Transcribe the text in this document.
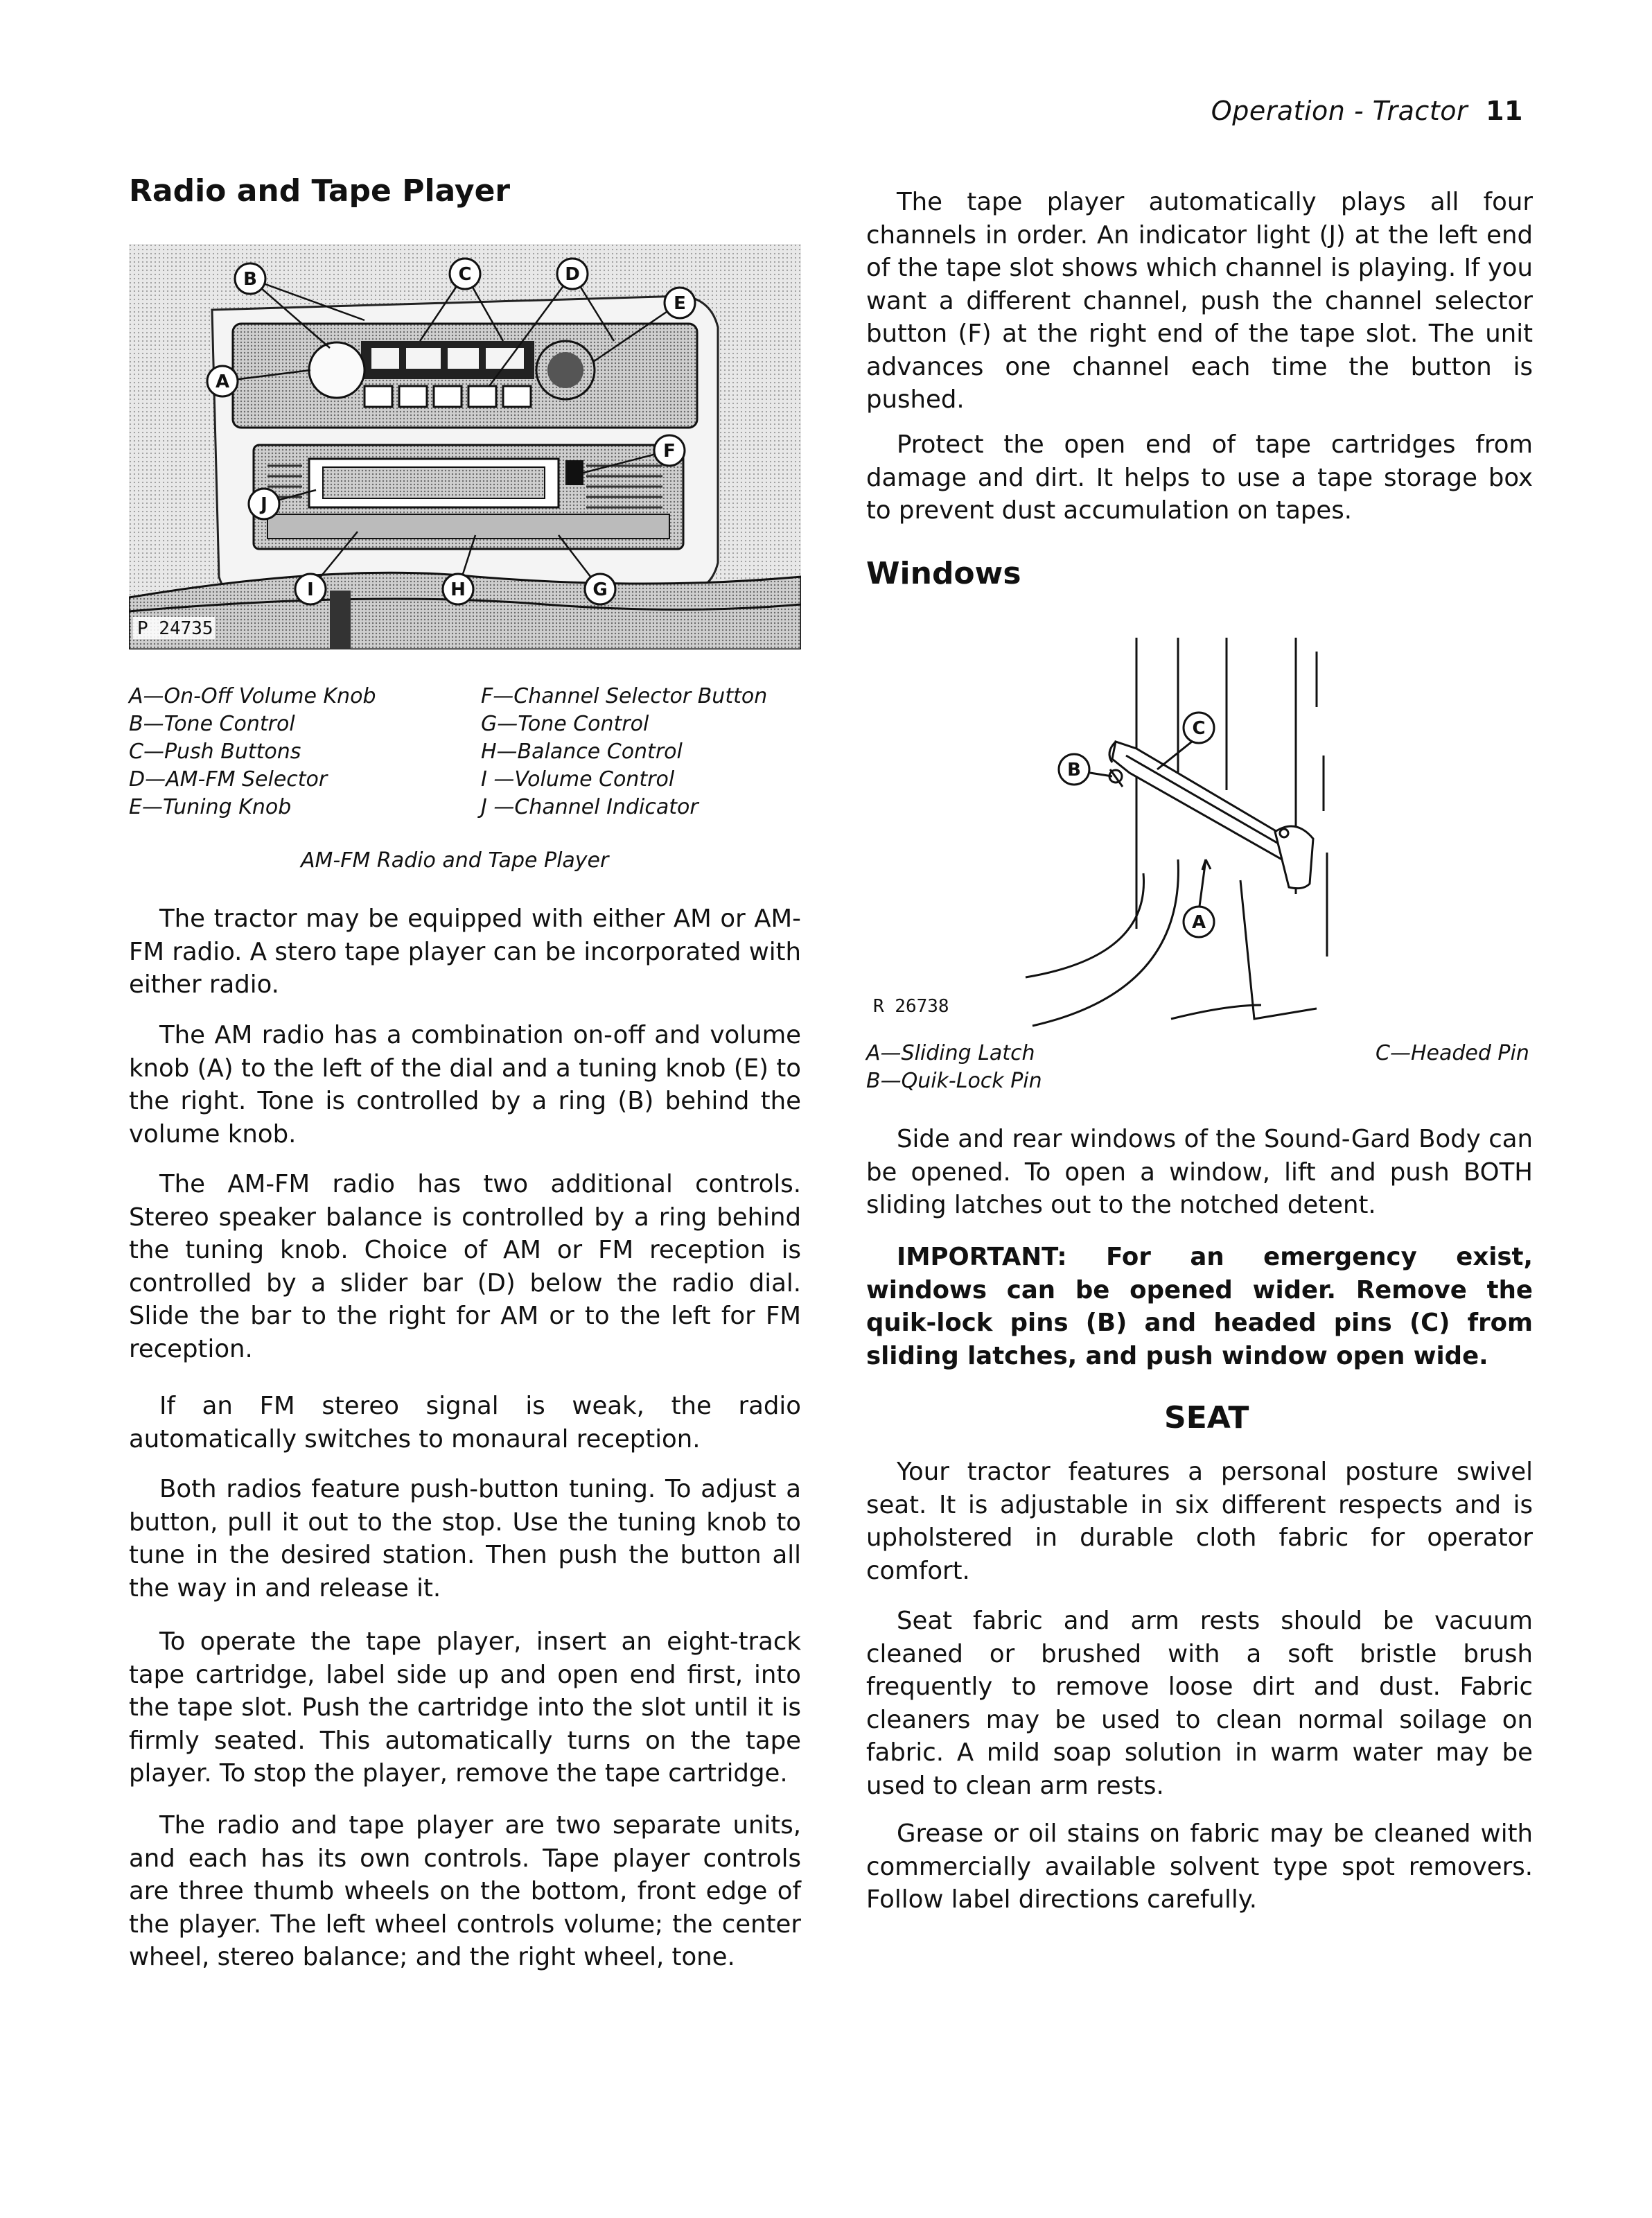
Operation - Tractor 11
Radio and Tape Player
B	C	D
E
A
F
J
I	H	G
P 24735
A—On-Off Volume Knob
B—Tone Control
C—Push Buttons
D—AM-FM Selector
E—Tuning Knob
F—Channel Selector Button
G—Tone Control
H—Balance Control
I —Volume Control
J —Channel Indicator
AM-FM Radio and Tape Player

The tractor may be equipped with either AM or AM-FM radio. A stero tape player can be incorporated with either radio.

The AM radio has a combination on-off and volume knob (A) to the left of the dial and a tuning knob (E) to the right. Tone is controlled by a ring (B) behind the volume knob.

The AM-FM radio has two additional controls. Stereo speaker balance is controlled by a ring behind the tuning knob. Choice of AM or FM reception is controlled by a slider bar (D) below the radio dial. Slide the bar to the right for AM or to the left for FM reception.

If an FM stereo signal is weak, the radio automatically switches to monaural reception.

Both radios feature push-button tuning. To adjust a button, pull it out to the stop. Use the tuning knob to tune in the desired station. Then push the button all the way in and release it.

To operate the tape player, insert an eight-track tape cartridge, label side up and open end first, into the tape slot. Push the cartridge into the slot until it is firmly seated. This automatically turns on the tape player. To stop the player, remove the tape cartridge.

The radio and tape player are two separate units, and each has its own controls. Tape player controls are three thumb wheels on the bottom, front edge of the player. The left wheel controls volume; the center wheel, stereo balance; and the right wheel, tone.

The tape player automatically plays all four channels in order. An indicator light (J) at the left end of the tape slot shows which channel is playing. If you want a different channel, push the channel selector button (F) at the right end of the tape slot. The unit advances one channel each time the button is pushed.

Protect the open end of tape cartridges from damage and dirt. It helps to use a tape storage box to prevent dust accumulation on tapes.

Windows
B
C
A
R 26738
A—Sliding Latch
B—Quik-Lock Pin
C—Headed Pin

Side and rear windows of the Sound-Gard Body can be opened. To open a window, lift and push BOTH sliding latches out to the notched detent.

IMPORTANT: For an emergency exist, windows can be opened wider. Remove the quik-lock pins (B) and headed pins (C) from sliding latches, and push window open wide.

SEAT

Your tractor features a personal posture swivel seat. It is adjustable in six different respects and is upholstered in durable cloth fabric for operator comfort.

Seat fabric and arm rests should be vacuum cleaned or brushed with a soft bristle brush frequently to remove loose dirt and dust. Fabric cleaners may be used to clean normal soilage on fabric. A mild soap solution in warm water may be used to clean arm rests.

Grease or oil stains on fabric may be cleaned with commercially available solvent type spot removers. Follow label directions carefully.
